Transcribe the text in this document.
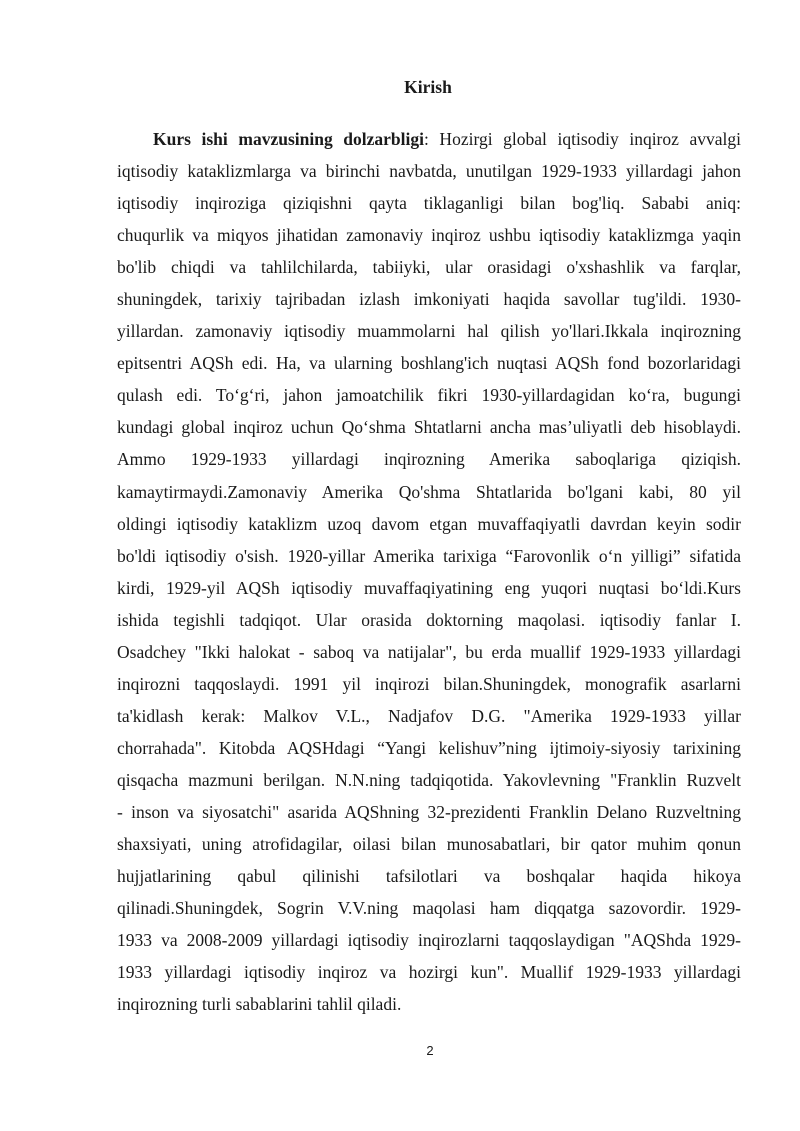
Kirish
Kurs ishi mavzusining dolzarbligi: Hozirgi global iqtisodiy inqiroz avvalgi
iqtisodiy kataklizmlarga va birinchi navbatda, unutilgan 1929-1933 yillardagi jahon
iqtisodiy inqiroziga qiziqishni qayta tiklaganligi bilan bog'liq. Sababi aniq:
chuqurlik va miqyos jihatidan zamonaviy inqiroz ushbu iqtisodiy kataklizmga yaqin
bo'lib chiqdi va tahlilchilarda, tabiiyki, ular orasidagi o'xshashlik va farqlar,
shuningdek, tarixiy tajribadan izlash imkoniyati haqida savollar tug'ildi. 1930-
yillardan. zamonaviy iqtisodiy muammolarni hal qilish yo'llari.Ikkala inqirozning
epitsentri AQSh edi. Ha, va ularning boshlang'ich nuqtasi AQSh fond bozorlaridagi
qulash edi. To‘g‘ri, jahon jamoatchilik fikri 1930-yillardagidan ko‘ra, bugungi
kundagi global inqiroz uchun Qo‘shma Shtatlarni ancha mas’uliyatli deb hisoblaydi.
Ammo 1929-1933 yillardagi inqirozning Amerika saboqlariga qiziqish.
kamaytirmaydi.Zamonaviy Amerika Qo'shma Shtatlarida bo'lgani kabi, 80 yil
oldingi iqtisodiy kataklizm uzoq davom etgan muvaffaqiyatli davrdan keyin sodir
bo'ldi iqtisodiy o'sish. 1920-yillar Amerika tarixiga “Farovonlik o‘n yilligi” sifatida
kirdi, 1929-yil AQSh iqtisodiy muvaffaqiyatining eng yuqori nuqtasi bo‘ldi.Kurs
ishida tegishli tadqiqot. Ular orasida doktorning maqolasi. iqtisodiy fanlar I.
Osadchey "Ikki halokat - saboq va natijalar", bu erda muallif 1929-1933 yillardagi
inqirozni taqqoslaydi. 1991 yil inqirozi bilan.Shuningdek, monografik asarlarni
ta'kidlash kerak: Malkov V.L., Nadjafov D.G. "Amerika 1929-1933 yillar
chorrahada". Kitobda AQSHdagi “Yangi kelishuv”ning ijtimoiy-siyosiy tarixining
qisqacha mazmuni berilgan. N.N.ning tadqiqotida. Yakovlevning "Franklin Ruzvelt
- inson va siyosatchi" asarida AQShning 32-prezidenti Franklin Delano Ruzveltning
shaxsiyati, uning atrofidagilar, oilasi bilan munosabatlari, bir qator muhim qonun
hujjatlarining qabul qilinishi tafsilotlari va boshqalar haqida hikoya
qilinadi.Shuningdek, Sogrin V.V.ning maqolasi ham diqqatga sazovordir. 1929-
1933 va 2008-2009 yillardagi iqtisodiy inqirozlarni taqqoslaydigan "AQShda 1929-
1933 yillardagi iqtisodiy inqiroz va hozirgi kun". Muallif 1929-1933 yillardagi
inqirozning turli sabablarini tahlil qiladi.
2
